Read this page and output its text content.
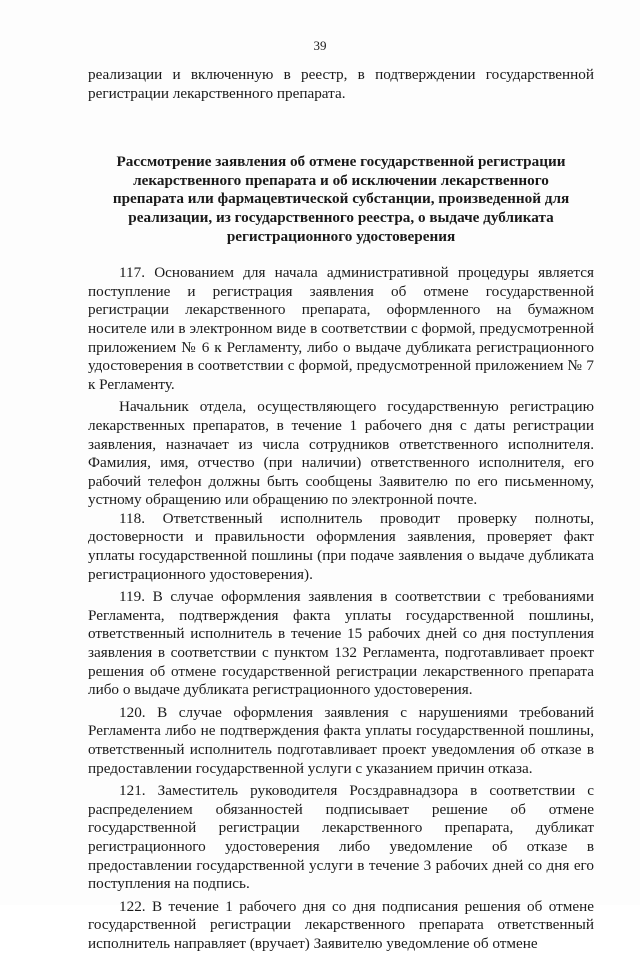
39

реализации и включенную в реестр, в подтверждении государственной регистрации лекарственного препарата.

Рассмотрение заявления об отмене государственной регистрации лекарственного препарата и об исключении лекарственного препарата или фармацевтической субстанции, произведенной для реализации, из государственного реестра, о выдаче дубликата регистрационного удостоверения

117. Основанием для начала административной процедуры является поступление и регистрация заявления об отмене государственной регистрации лекарственного препарата, оформленного на бумажном носителе или в электронном виде в соответствии с формой, предусмотренной приложением № 6 к Регламенту, либо о выдаче дубликата регистрационного удостоверения в соответствии с формой, предусмотренной приложением № 7 к Регламенту.

Начальник отдела, осуществляющего государственную регистрацию лекарственных препаратов, в течение 1 рабочего дня с даты регистрации заявления, назначает из числа сотрудников ответственного исполнителя. Фамилия, имя, отчество (при наличии) ответственного исполнителя, его рабочий телефон должны быть сообщены Заявителю по его письменному, устному обращению или обращению по электронной почте.

118. Ответственный исполнитель проводит проверку полноты, достоверности и правильности оформления заявления, проверяет факт уплаты государственной пошлины (при подаче заявления о выдаче дубликата регистрационного удостоверения).

119. В случае оформления заявления в соответствии с требованиями Регламента, подтверждения факта уплаты государственной пошлины, ответственный исполнитель в течение 15 рабочих дней со дня поступления заявления в соответствии с пунктом 132 Регламента, подготавливает проект решения об отмене государственной регистрации лекарственного препарата либо о выдаче дубликата регистрационного удостоверения.

120. В случае оформления заявления с нарушениями требований Регламента либо не подтверждения факта уплаты государственной пошлины, ответственный исполнитель подготавливает проект уведомления об отказе в предоставлении государственной услуги с указанием причин отказа.

121. Заместитель руководителя Росздравнадзора в соответствии с распределением обязанностей подписывает решение об отмене государственной регистрации лекарственного препарата, дубликат регистрационного удостоверения либо уведомление об отказе в предоставлении государственной услуги в течение 3 рабочих дней со дня его поступления на подпись.

122. В течение 1 рабочего дня со дня подписания решения об отмене государственной регистрации лекарственного препарата ответственный исполнитель направляет (вручает) Заявителю уведомление об отмене
